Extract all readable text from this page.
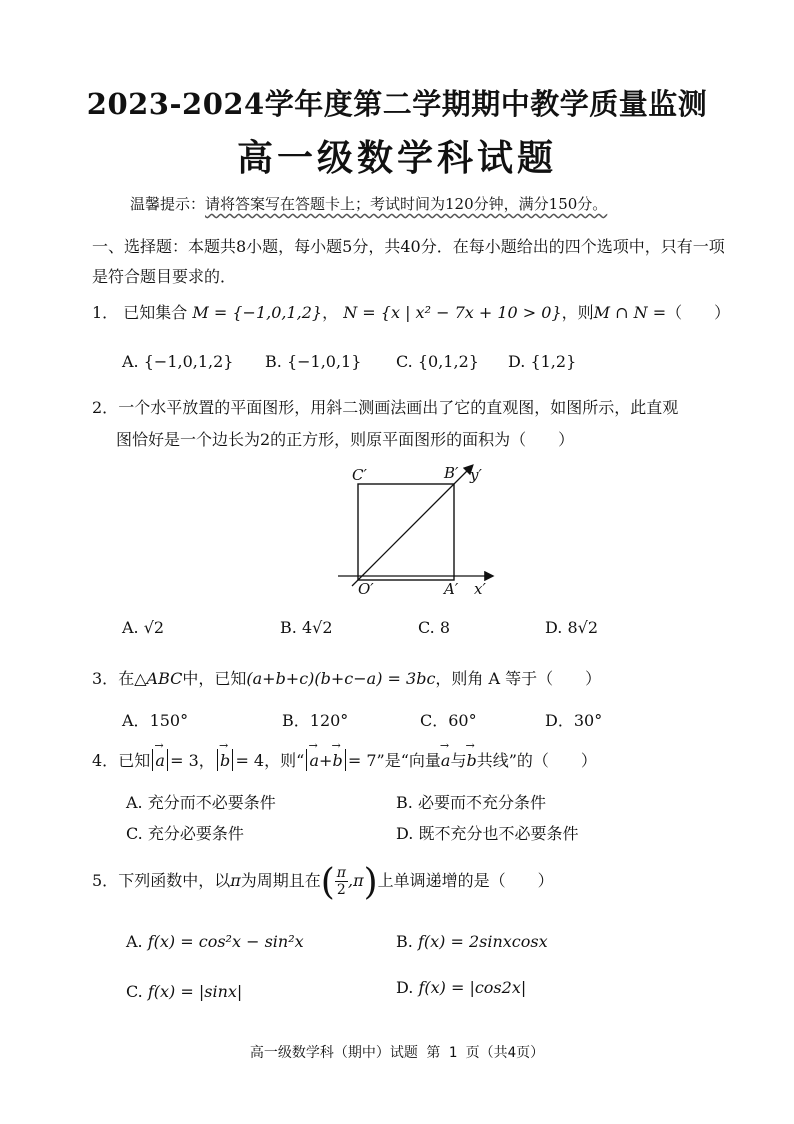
2023-2024学年度第二学期期中教学质量监测
高一级数学科试题
温馨提示：请将答案写在答题卡上；考试时间为120分钟，满分150分。
一、选择题：本题共8小题，每小题5分，共40分．在每小题给出的四个选项中，只有一项是符合题目要求的．
1． 已知集合 M = {−1,0,1,2}， N = {x | x² − 7x + 10 > 0}，则M ∩ N =（　　）
A. {−1,0,1,2} B. {−1,0,1} C. {0,1,2} D. {1,2}
2．一个水平放置的平面图形，用斜二测画法画出了它的直观图，如图所示，此直观
图恰好是一个边长为2的正方形，则原平面图形的面积为（　　）
C′	B′ y′
O′	A′ x′
A. √2	B. 4√2	C. 8	D. 8√2
3．在△ABC中，已知(a+b+c)(b+c−a) = 3bc，则角 A 等于（　　）
A．150°	B．120°	C．60°	D．30°
4．已知 → a = 3， → b = 4，则“ → a+→ b = 7”是“向量→ a与→ b共线”的（　　）
A. 充分而不必要条件	B. 必要而不充分条件
C. 充分必要条件	D. 既不充分也不必要条件
5．下列函数中，以π为周期且在( $\frac{\pi}{2} ,\pi$)上单调递增的是（　　）
A. f(x) = cos²x − sin²x	B. f(x) = 2sinxcosx
C. f(x) = |sinx|	D. f(x) = |cos2x|
高一级数学科（期中）试题 第 1 页（共4页）
